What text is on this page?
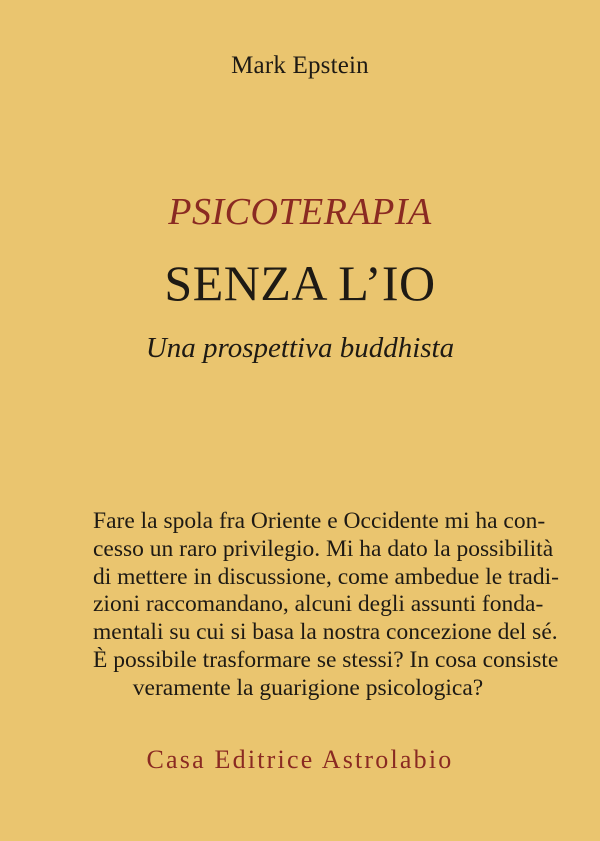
Mark Epstein
PSICOTERAPIA
SENZA L’IO
Una prospettiva buddhista
Fare la spola fra Oriente e Occidente mi ha con-
cesso un raro privilegio. Mi ha dato la possibilità
di mettere in discussione, come ambedue le tradi-
zioni raccomandano, alcuni degli assunti fonda-
mentali su cui si basa la nostra concezione del sé.
È possibile trasformare se stessi? In cosa consiste
veramente la guarigione psicologica?
Casa Editrice Astrolabio
